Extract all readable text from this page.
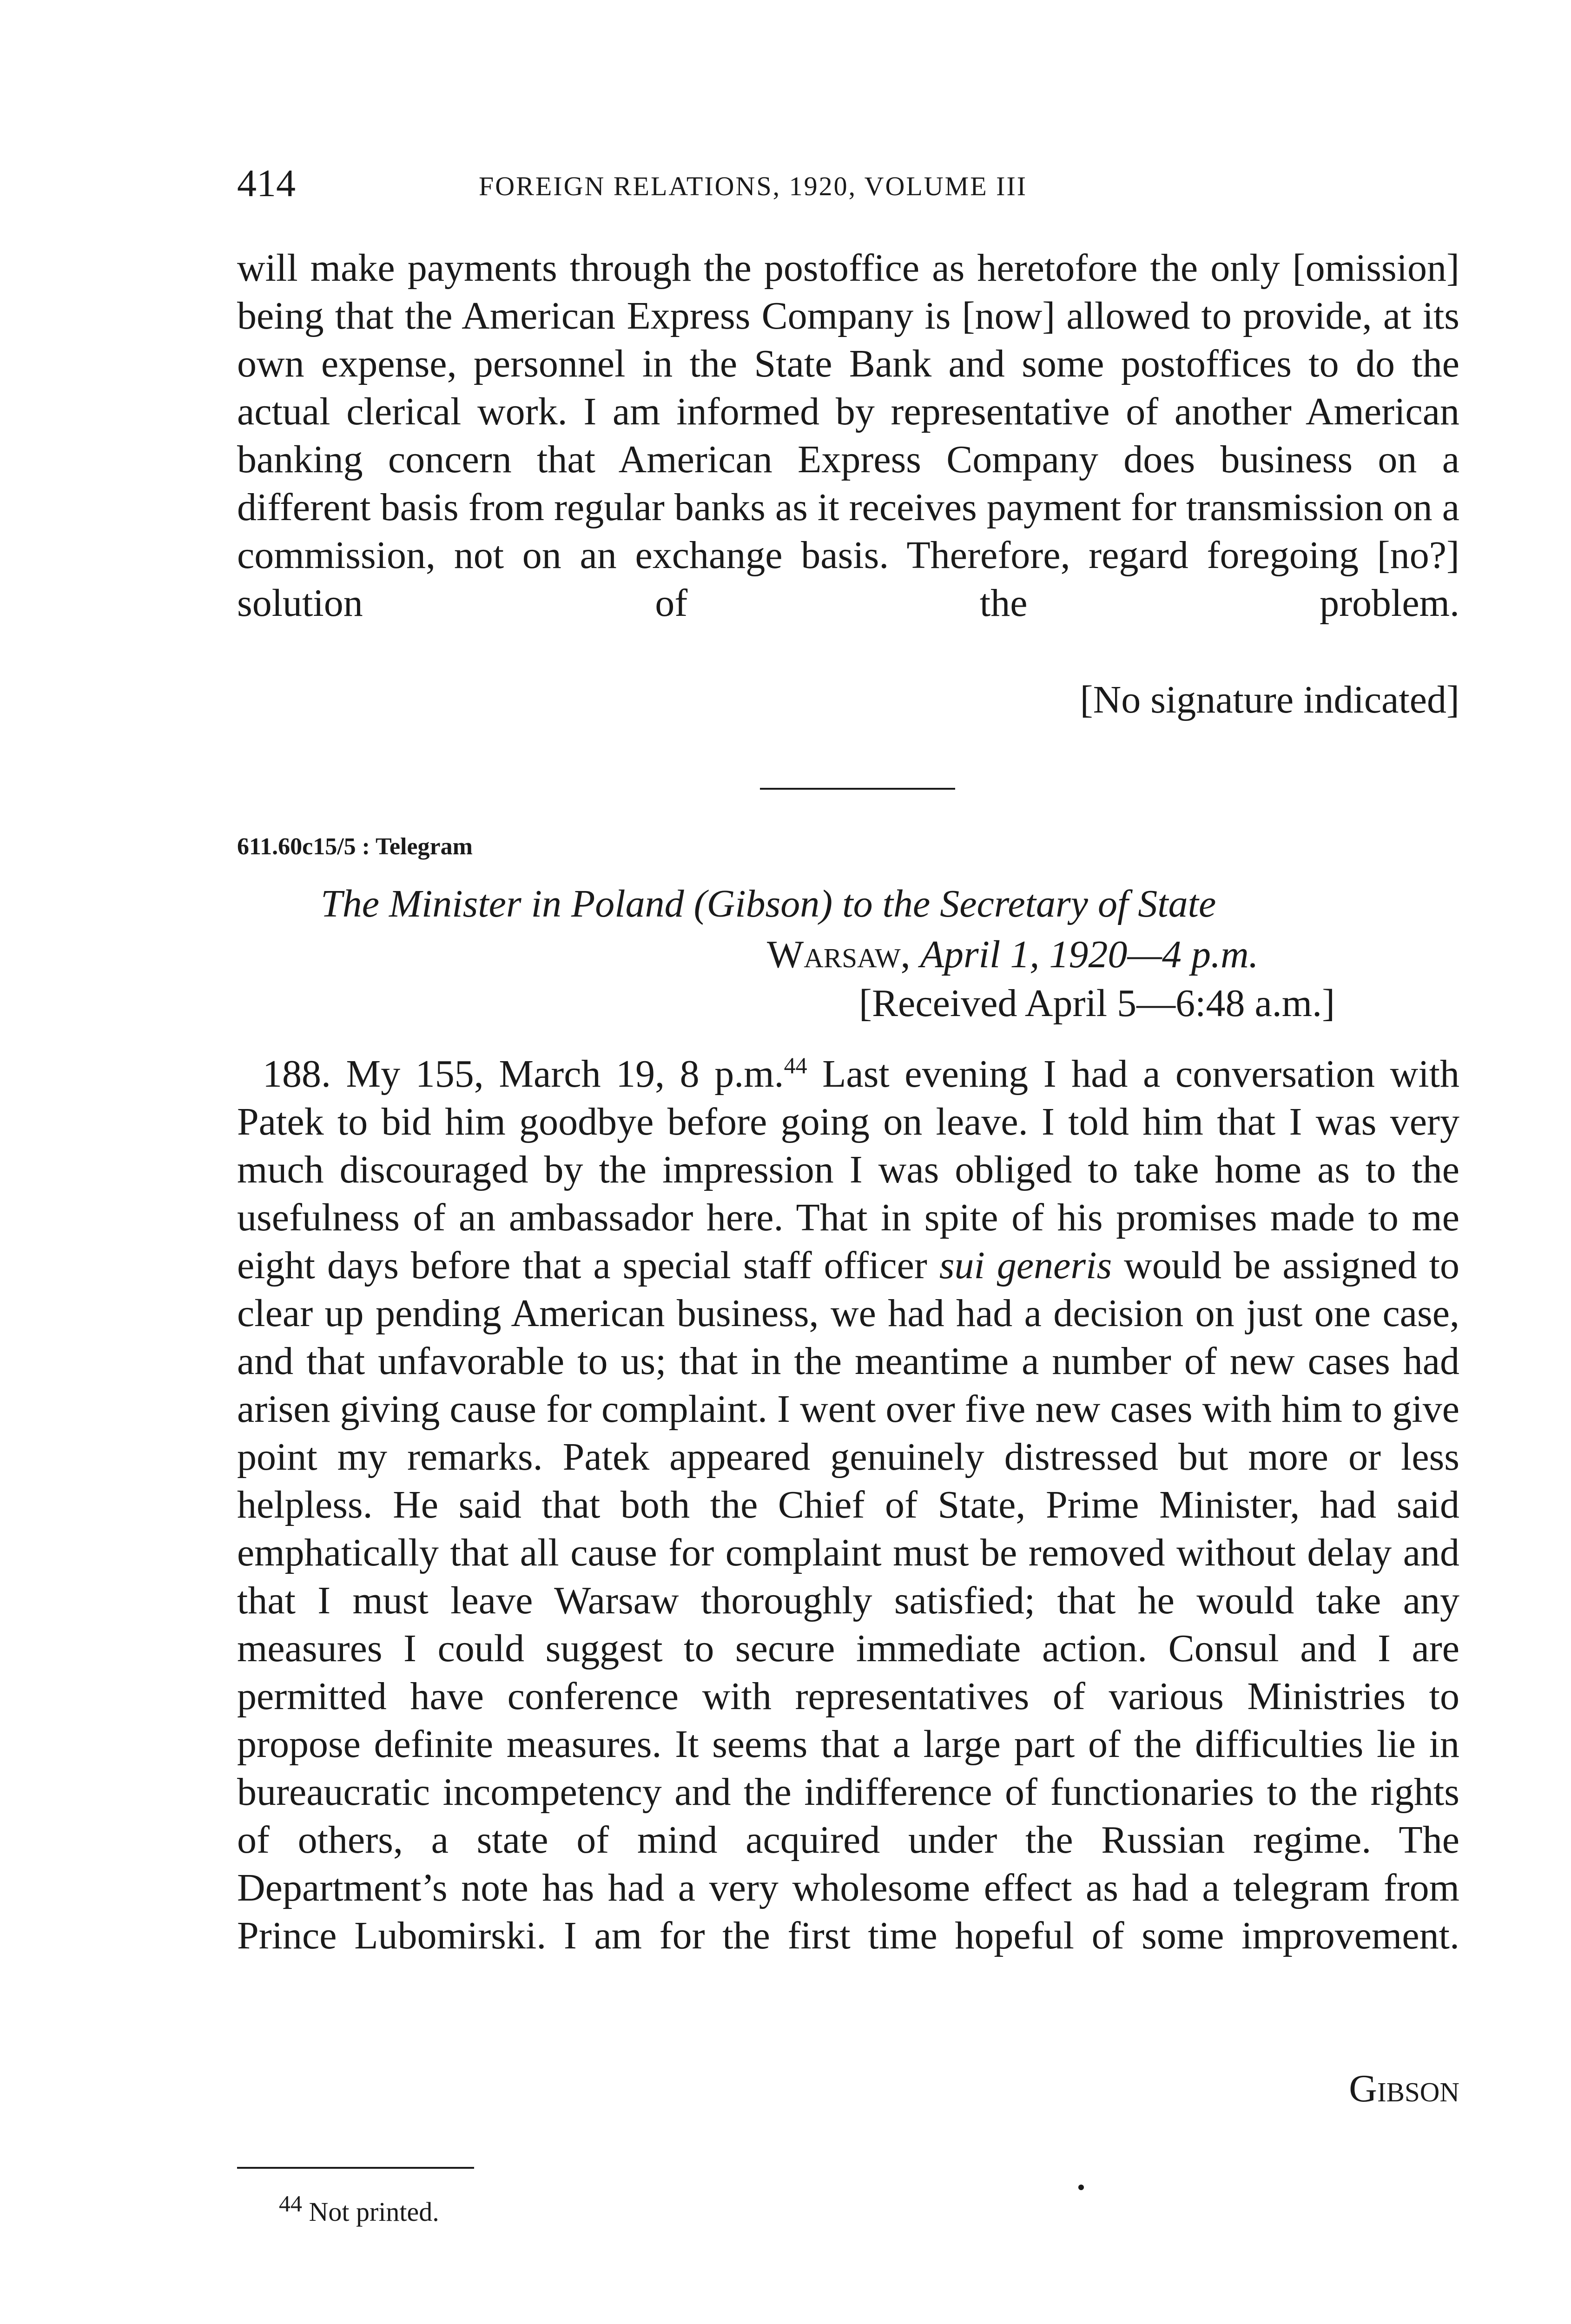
414	FOREIGN RELATIONS, 1920, VOLUME III

will make payments through the postoffice as heretofore the only [omission] being that the American Express Company is [now] allowed to provide, at its own expense, personnel in the State Bank and some postoffices to do the actual clerical work. I am informed by representative of another American banking concern that American Express Company does business on a different basis from regular banks as it receives payment for transmission on a commission, not on an exchange basis. Therefore, regard foregoing [no?] solution of the problem.

[No signature indicated]
611.60c15/5 : Telegram
The Minister in Poland (Gibson) to the Secretary of State
Warsaw, April 1, 1920—4 p.m.
[Received April 5—6:48 a.m.]

188. My 155, March 19, 8 p.m.$^{44}$ Last evening I had a conversation with Patek to bid him goodbye before going on leave. I told him that I was very much discouraged by the impression I was obliged to take home as to the usefulness of an ambassador here. That in spite of his promises made to me eight days before that a special staff officer sui generis would be assigned to clear up pending American business, we had had a decision on just one case, and that unfavorable to us; that in the meantime a number of new cases had arisen giving cause for complaint. I went over five new cases with him to give point my remarks. Patek appeared genuinely distressed but more or less helpless. He said that both the Chief of State, Prime Minister, had said emphatically that all cause for complaint must be removed without delay and that I must leave Warsaw thoroughly satisfied; that he would take any measures I could suggest to secure immediate action. Consul and I are permitted have conference with representatives of various Ministries to propose definite measures. It seems that a large part of the difficulties lie in bureaucratic incompetency and the indifference of functionaries to the rights of others, a state of mind acquired under the Russian regime. The Department’s note has had a very wholesome effect as had a telegram from Prince Lubomirski. I am for the first time hopeful of some improvement.

Gibson
$^{44}$ Not printed.
